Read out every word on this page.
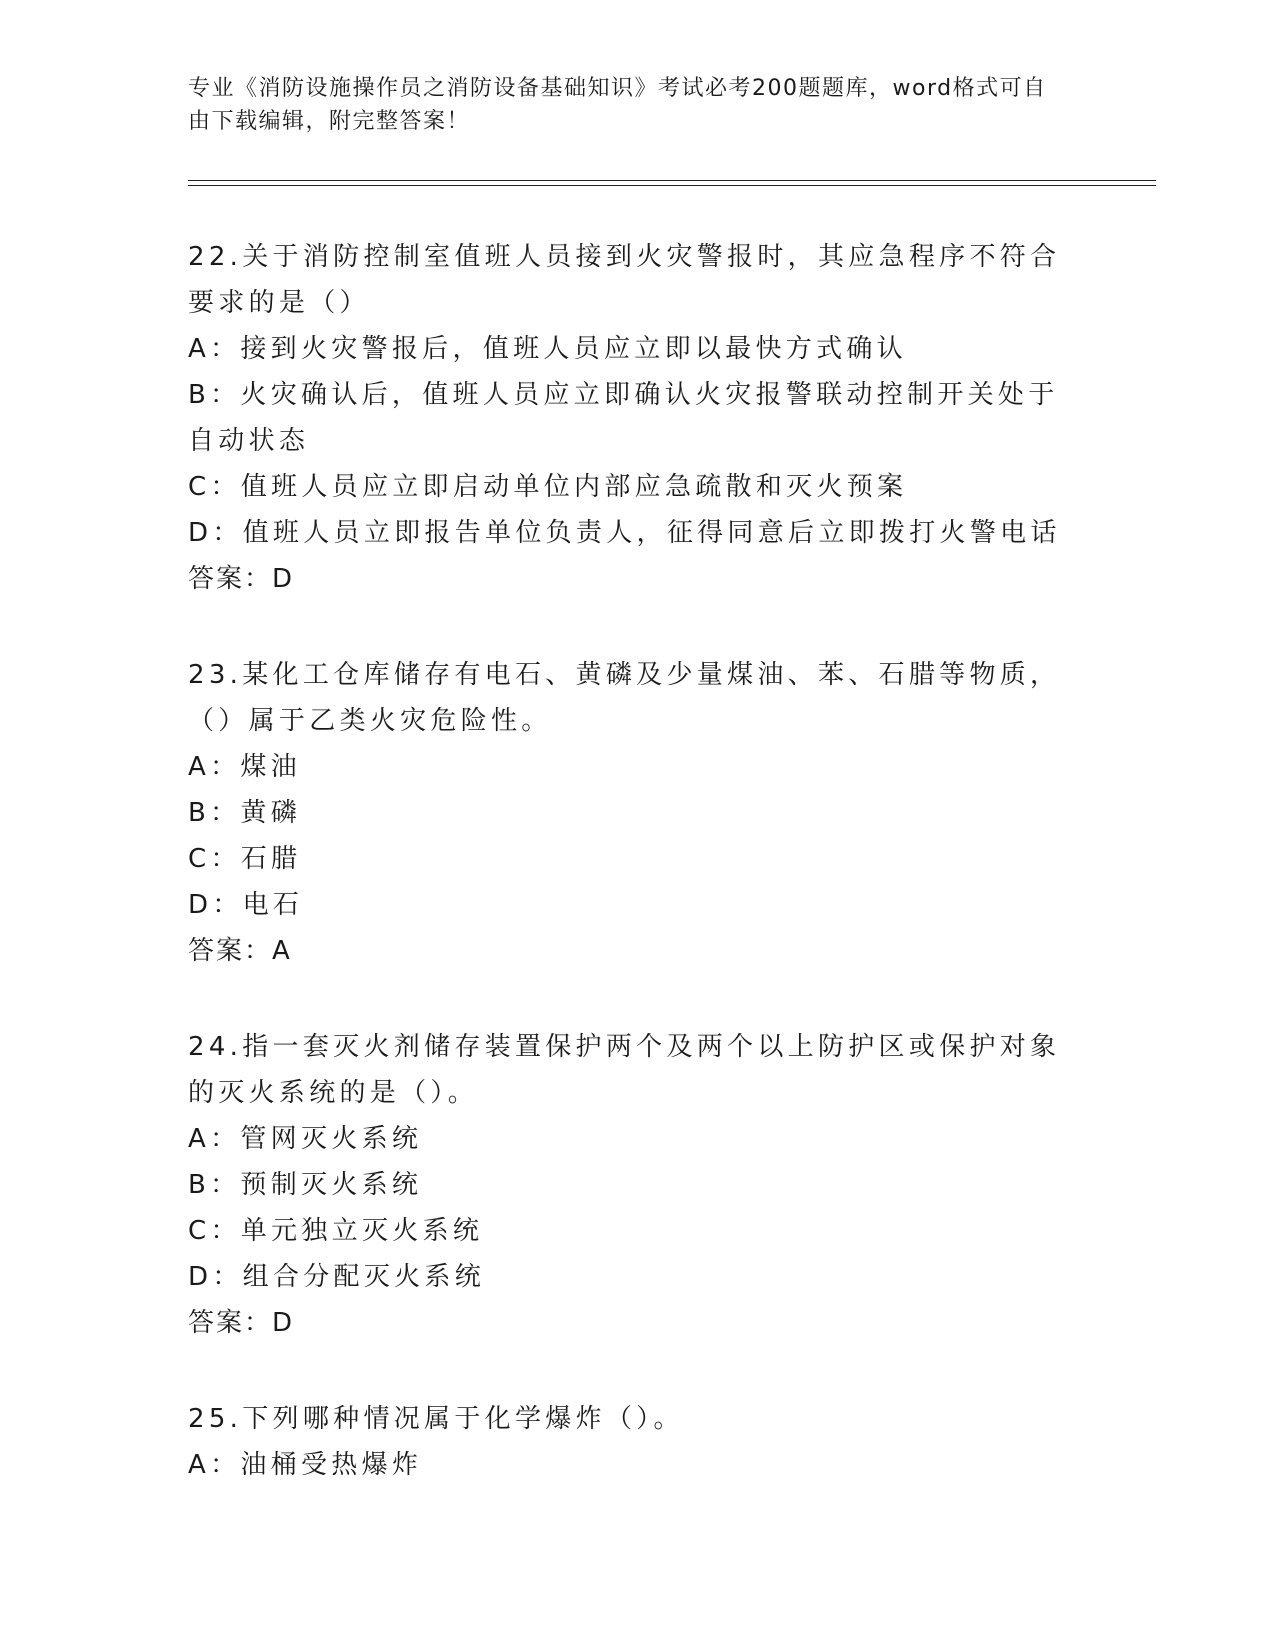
专业《消防设施操作员之消防设备基础知识》考试必考200题题库，word格式可自由下载编辑，附完整答案！

22.关于消防控制室值班人员接到火灾警报时，其应急程序不符合要求的是（）

A：接到火灾警报后，值班人员应立即以最快方式确认

B：火灾确认后，值班人员应立即确认火灾报警联动控制开关处于自动状态

C：值班人员应立即启动单位内部应急疏散和灭火预案

D：值班人员立即报告单位负责人，征得同意后立即拨打火警电话

答案：D

23.某化工仓库储存有电石、黄磷及少量煤油、苯、石腊等物质，（）属于乙类火灾危险性。

A：煤油

B：黄磷

C：石腊

D：电石

答案：A

24.指一套灭火剂储存装置保护两个及两个以上防护区或保护对象的灭火系统的是（）。

A：管网灭火系统

B：预制灭火系统

C：单元独立灭火系统

D：组合分配灭火系统

答案：D

25.下列哪种情况属于化学爆炸（）。

A：油桶受热爆炸
